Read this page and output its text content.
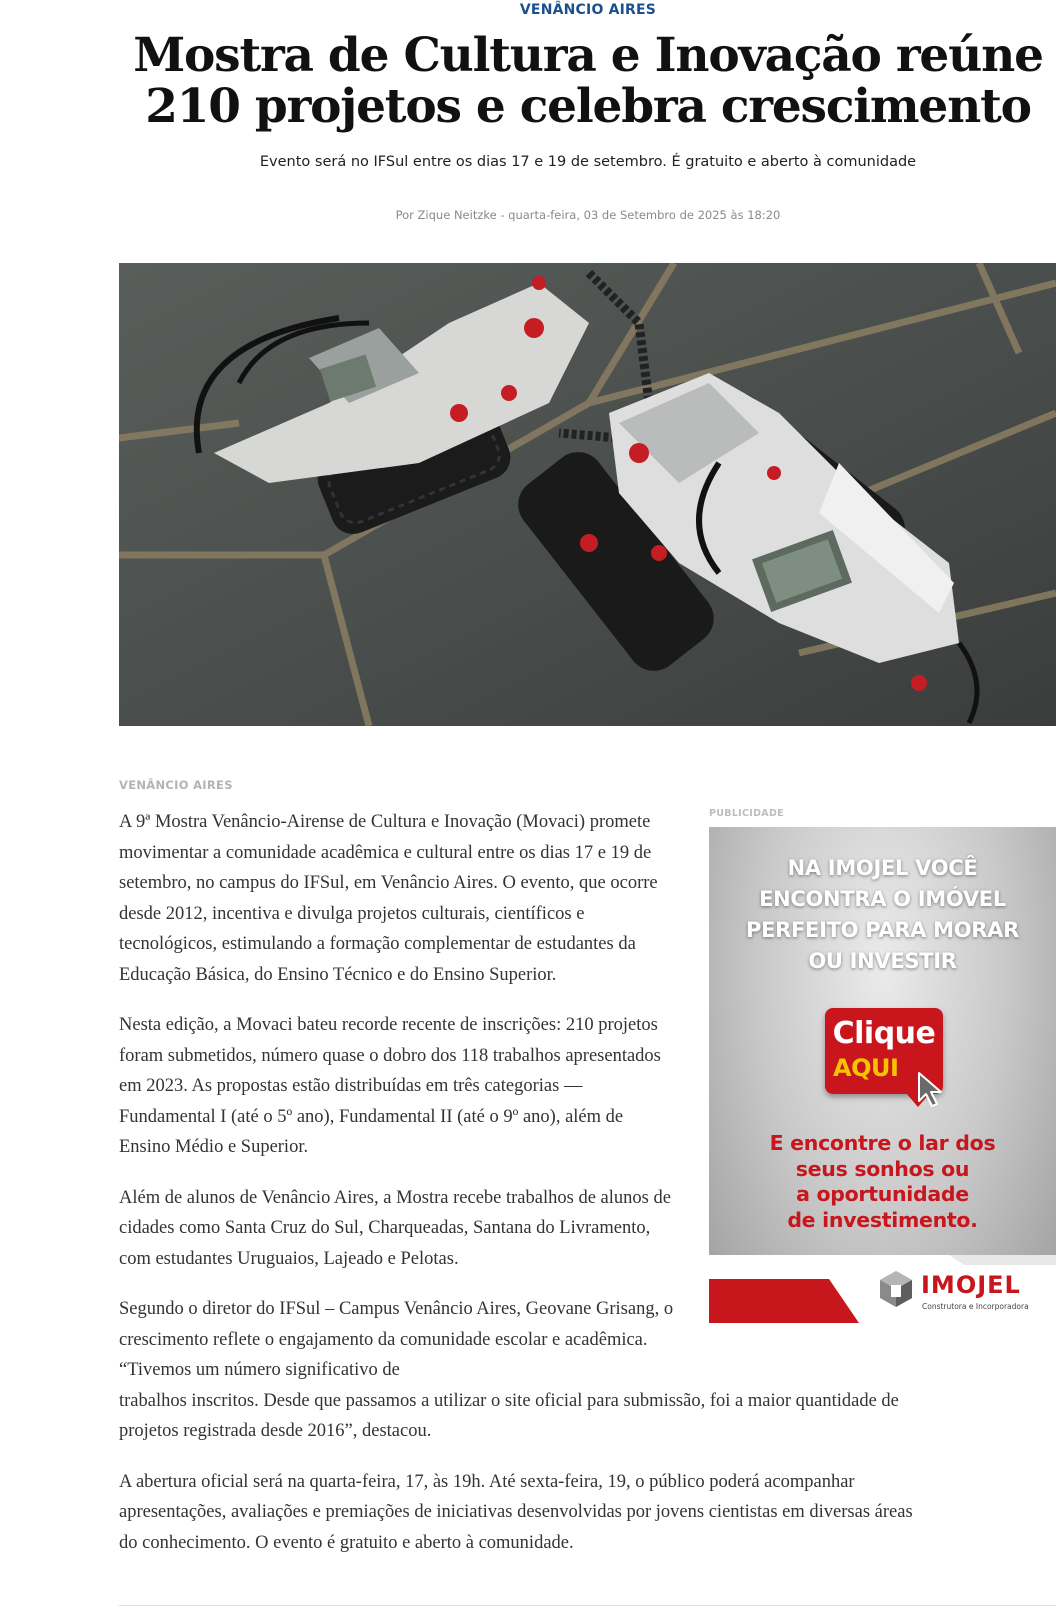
VENÂNCIO AIRES
Mostra de Cultura e Inovação reúne 210 projetos e celebra crescimento
Evento será no IFSul entre os dias 17 e 19 de setembro. É gratuito e aberto à comunidade
Por Zique Neitzke - quarta-feira, 03 de Setembro de 2025 às 18:20
VENÂNCIO AIRES

A 9ª Mostra Venâncio-Airense de Cultura e Inovação (Movaci) promete movimentar a comunidade acadêmica e cultural entre os dias 17 e 19 de setembro, no campus do IFSul, em Venâncio Aires. O evento, que ocorre desde 2012, incentiva e divulga projetos culturais, científicos e tecnológicos, estimulando a formação complementar de estudantes da Educação Básica, do Ensino Técnico e do Ensino Superior.

Nesta edição, a Movaci bateu recorde recente de inscrições: 210 projetos foram submetidos, número quase o dobro dos 118 trabalhos apresentados em 2023. As propostas estão distribuídas em três categorias — Fundamental I (até o 5º ano), Fundamental II (até o 9º ano), além de Ensino Médio e Superior.

Além de alunos de Venâncio Aires, a Mostra recebe trabalhos de alunos de cidades como Santa Cruz do Sul, Charqueadas, Santana do Livramento, com estudantes Uruguaios, Lajeado e Pelotas.

Segundo o diretor do IFSul – Campus Venâncio Aires, Geovane Grisang, o crescimento reflete o engajamento da comunidade escolar e acadêmica. “Tivemos um número significativo de

trabalhos inscritos. Desde que passamos a utilizar o site oficial para submissão, foi a maior quantidade de projetos registrada desde 2016”, destacou.

A abertura oficial será na quarta-feira, 17, às 19h. Até sexta-feira, 19, o público poderá acompanhar apresentações, avaliações e premiações de iniciativas desenvolvidas por jovens cientistas em diversas áreas do conhecimento. O evento é gratuito e aberto à comunidade.

PUBLICIDADE
NA IMOJEL VOCÊ
ENCONTRA O IMÓVEL
PERFEITO PARA MORAR
OU INVESTIR
Clique
AQUI
E encontre o lar dos
seus sonhos ou
a oportunidade
de investimento.
IMOJEL
Construtora e Incorporadora
